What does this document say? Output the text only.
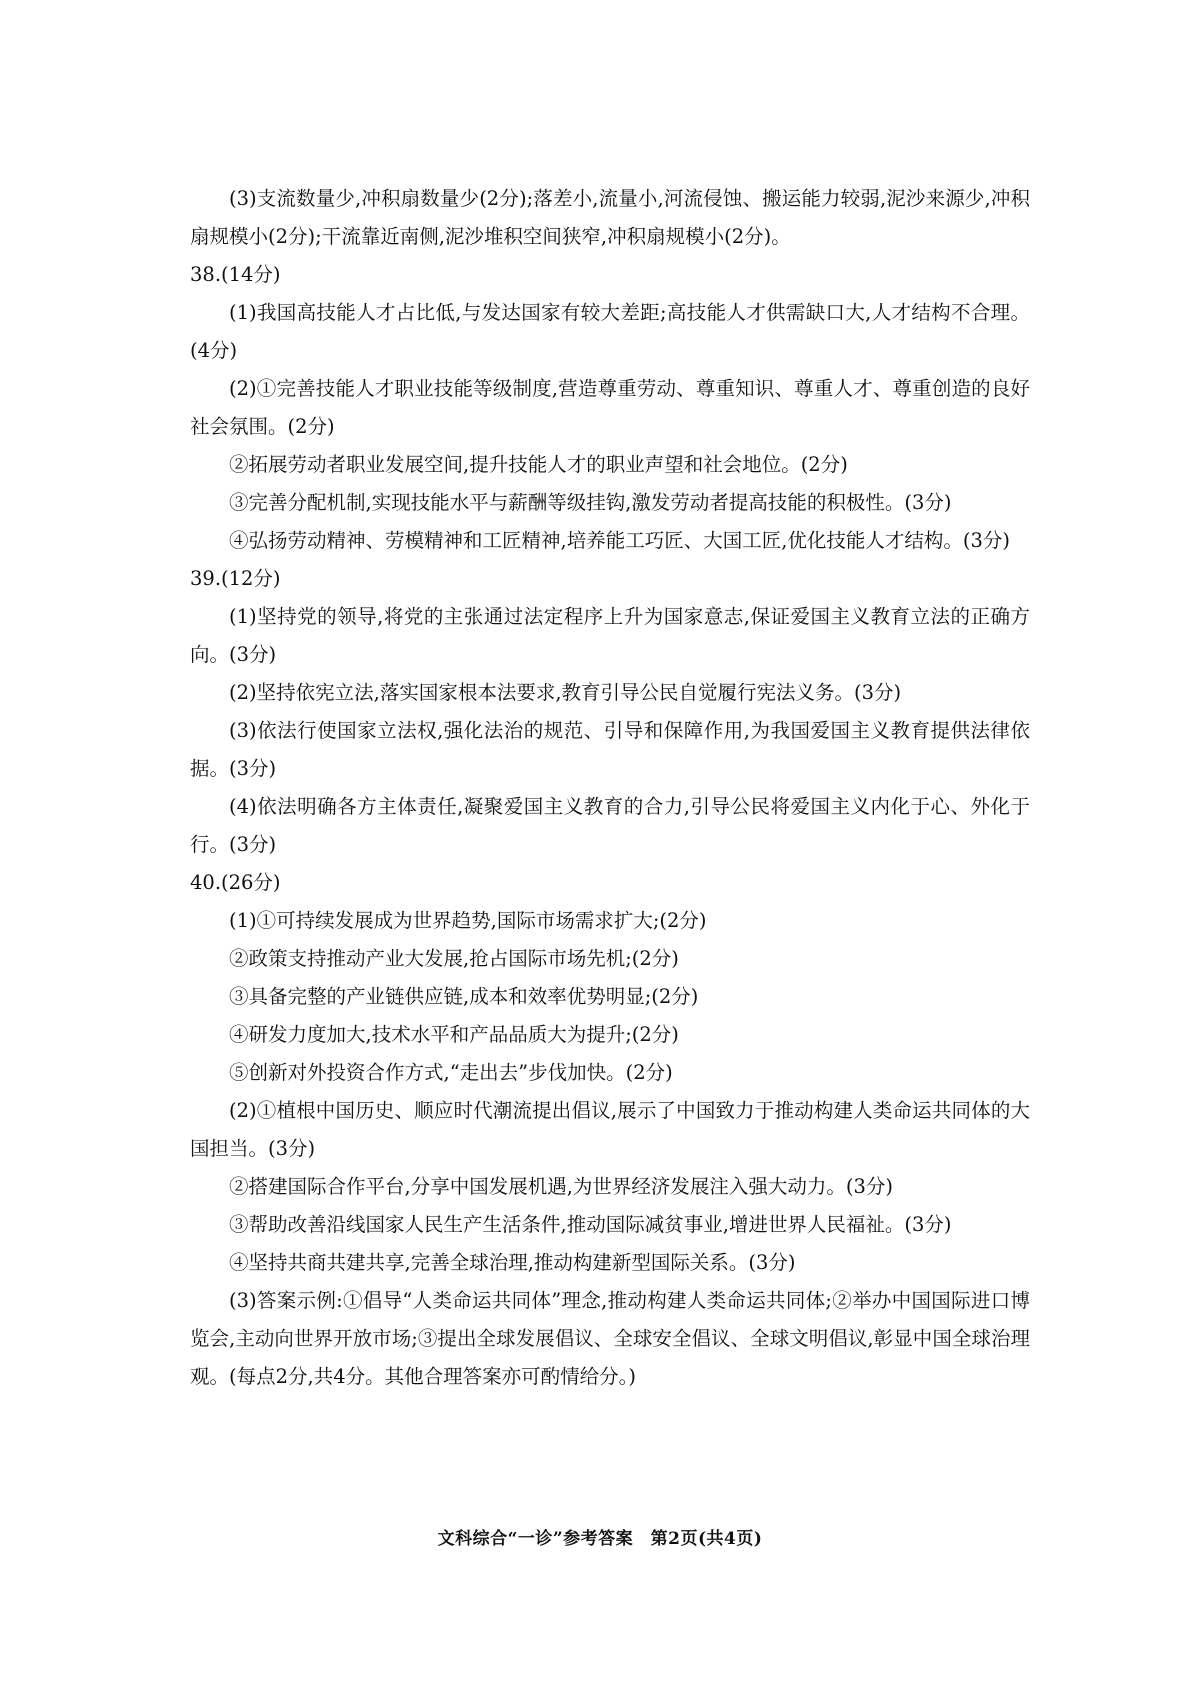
(3)支流数量少,冲积扇数量少(2分);落差小,流量小,河流侵蚀、搬运能力较弱,泥沙来源少,冲积扇规模小(2分);干流靠近南侧,泥沙堆积空间狭窄,冲积扇规模小(2分)。

38.(14分)

(1)我国高技能人才占比低,与发达国家有较大差距;高技能人才供需缺口大,人才结构不合理。(4分)

(2)①完善技能人才职业技能等级制度,营造尊重劳动、尊重知识、尊重人才、尊重创造的良好社会氛围。(2分)

②拓展劳动者职业发展空间,提升技能人才的职业声望和社会地位。(2分)

③完善分配机制,实现技能水平与薪酬等级挂钩,激发劳动者提高技能的积极性。(3分)

④弘扬劳动精神、劳模精神和工匠精神,培养能工巧匠、大国工匠,优化技能人才结构。(3分)

39.(12分)

(1)坚持党的领导,将党的主张通过法定程序上升为国家意志,保证爱国主义教育立法的正确方向。(3分)

(2)坚持依宪立法,落实国家根本法要求,教育引导公民自觉履行宪法义务。(3分)

(3)依法行使国家立法权,强化法治的规范、引导和保障作用,为我国爱国主义教育提供法律依据。(3分)

(4)依法明确各方主体责任,凝聚爱国主义教育的合力,引导公民将爱国主义内化于心、外化于行。(3分)

40.(26分)

(1)①可持续发展成为世界趋势,国际市场需求扩大;(2分)

②政策支持推动产业大发展,抢占国际市场先机;(2分)

③具备完整的产业链供应链,成本和效率优势明显;(2分)

④研发力度加大,技术水平和产品品质大为提升;(2分)

⑤创新对外投资合作方式,“走出去”步伐加快。(2分)

(2)①植根中国历史、顺应时代潮流提出倡议,展示了中国致力于推动构建人类命运共同体的大国担当。(3分)

②搭建国际合作平台,分享中国发展机遇,为世界经济发展注入强大动力。(3分)

③帮助改善沿线国家人民生产生活条件,推动国际减贫事业,增进世界人民福祉。(3分)

④坚持共商共建共享,完善全球治理,推动构建新型国际关系。(3分)

(3)答案示例:①倡导“人类命运共同体”理念,推动构建人类命运共同体;②举办中国国际进口博览会,主动向世界开放市场;③提出全球发展倡议、全球安全倡议、全球文明倡议,彰显中国全球治理观。(每点2分,共4分。其他合理答案亦可酌情给分。)

文科综合“一诊”参考答案　第2页(共4页)
